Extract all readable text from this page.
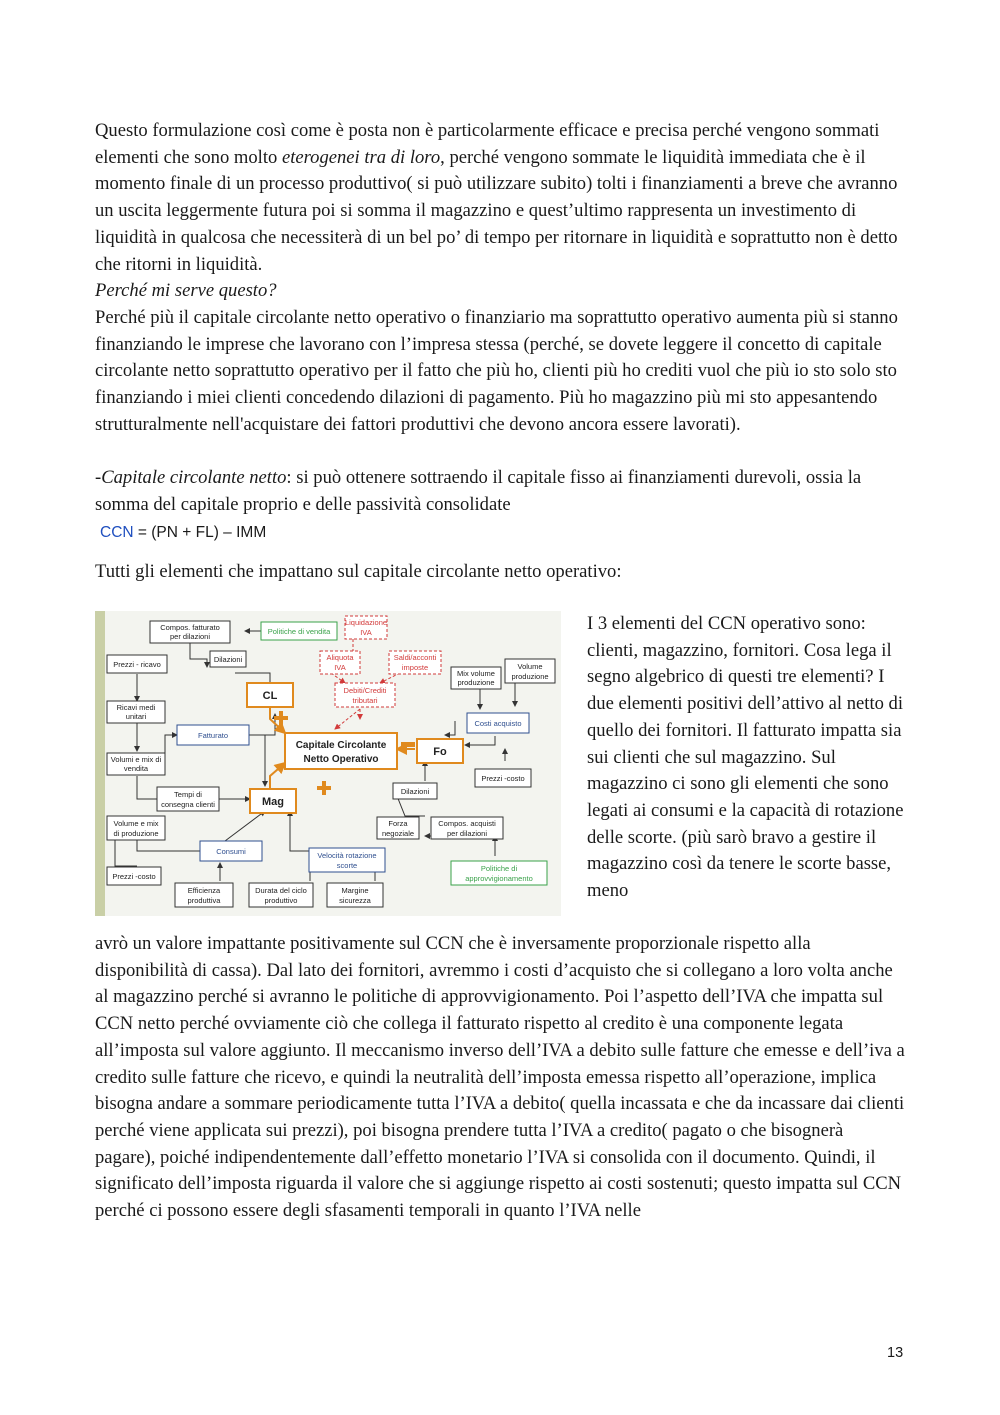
Questo formulazione così come è posta non è particolarmente efficace e precisa perché vengono sommati elementi che sono molto eterogenei tra di loro, perché vengono sommate le liquidità immediata che è il momento finale di un processo produttivo( si può utilizzare subito) tolti i finanziamenti a breve che avranno un uscita leggermente futura poi si somma il magazzino e quest’ultimo rappresenta un investimento di liquidità in qualcosa che necessiterà di un bel po’ di tempo per ritornare in liquidità e soprattutto non è detto che ritorni in liquidità.

Perché mi serve questo?

Perché più il capitale circolante netto operativo o finanziario ma soprattutto operativo aumenta più si stanno finanziando le imprese che lavorano con l’impresa stessa (perché, se dovete leggere il concetto di capitale circolante netto soprattutto operativo per il fatto che più ho, clienti più ho crediti vuol che più io sto solo sto finanziando i miei clienti concedendo dilazioni di pagamento. Più ho magazzino più mi sto appesantendo strutturalmente nell'acquistare dei fattori produttivi che devono ancora essere lavorati).

-Capitale circolante netto: si può ottenere sottraendo il capitale fisso ai finanziamenti durevoli, ossia la somma del capitale proprio e delle passività consolidate

CCN = (PN + FL) – IMM

Tutti gli elementi che impattano sul capitale circolante netto operativo:

Compos. fatturato
per dilazioni
Politiche di vendita
Liquidazione
IVA
Aliquota
IVA
Saldi/acconti
imposte
Debiti/Crediti
tributari
Mix volume
produzione
Volume
produzione
Prezzi - ricavo
Dilazioni
CL
Ricavi medi
unitari
Fatturato
Capitale Circolante
Netto Operativo
Fo
Costi acquisto
Volumi e mix di
vendita
Tempi di
consegna clienti	Mag
Prezzi -costo
Dilazioni
Volume e mix
di produzione
Forza
negoziale
Compos. acquisti
per dilazioni
Consumi	Velocità rotazione
scorte
Prezzi -costo
Politiche di
approvvigionamento
Efficienza
produttiva
Durata del ciclo
produttivo
Margine
sicurezza

I 3 elementi del CCN operativo sono: clienti, magazzino, fornitori. Cosa lega il segno algebrico di questi tre elementi? I due elementi positivi dell’attivo al netto di quello dei fornitori. Il fatturato impatta sia sui clienti che sul magazzino. Sul magazzino ci sono gli elementi che sono legati ai consumi e la capacità di rotazione delle scorte. (più sarò bravo a gestire il magazzino così da tenere le scorte basse, meno

avrò un valore impattante positivamente sul CCN che è inversamente proporzionale rispetto alla disponibilità di cassa). Dal lato dei fornitori, avremmo i costi d’acquisto che si collegano a loro volta anche al magazzino perché si avranno le politiche di approvvigionamento. Poi l’aspetto dell’IVA che impatta sul CCN netto perché ovviamente ciò che collega il fatturato rispetto al credito è una componente legata all’imposta sul valore aggiunto. Il meccanismo inverso dell’IVA a debito sulle fatture che emesse e dell’iva a credito sulle fatture che ricevo, e quindi la neutralità dell’imposta emessa rispetto all’operazione, implica bisogna andare a sommare periodicamente tutta l’IVA a debito( quella incassata e che da incassare dai clienti perché viene applicata sui prezzi), poi bisogna prendere tutta l’IVA a credito( pagato o che bisognerà pagare), poiché indipendentemente dall’effetto monetario l’IVA si consolida con il documento. Quindi, il significato dell’imposta riguarda il valore che si aggiunge rispetto ai costi sostenuti; questo impatta sul CCN perché ci possono essere degli sfasamenti temporali in quanto l’IVA nelle

13
